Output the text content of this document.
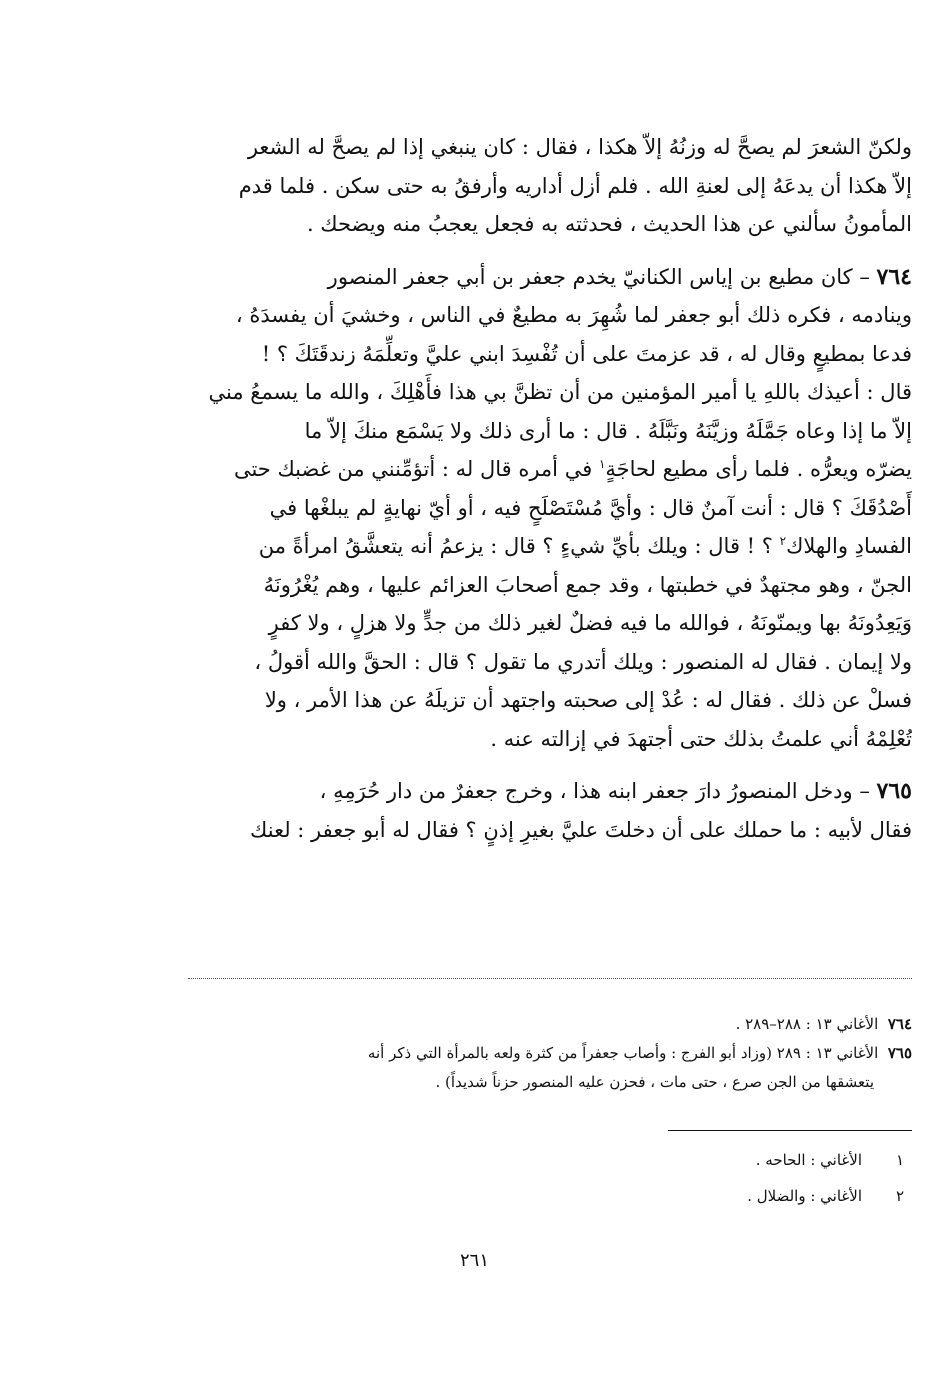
ولكنّ الشعرَ لم يصحَّ له وزنُهُ إلاّ هكذا ، فقال : كان ينبغي إذا لم يصحَّ له الشعر
إلاّ هكذا أن يدعَهُ إلى لعنةِ الله . فلم أزل أداريه وأرفقُ به حتى سكن . فلما قدم
المأمونُ سألني عن هذا الحديث ، فحدثته به فجعل يعجبُ منه ويضحك .
٧٦٤ – كان مطيع بن إياس الكنانيّ يخدم جعفر بن أبي جعفر المنصور
وينادمه ، فكره ذلك أبو جعفر لما شُهِرَ به مطيعٌ في الناس ، وخشيَ أن يفسدَهُ ،
فدعا بمطيعٍ وقال له ، قد عزمتَ على أن تُفْسِدَ ابني عليَّ وتعلِّمَهُ زندقَتَكَ ؟ !
قال : أعيذك باللهِ يا أمير المؤمنين من أن تظنَّ بي هذا فأَهْلِكَ ، والله ما يسمعُ مني
إلاّ ما إذا وعاه جَمَّلَهُ وزيَّنَهُ ونَبَّلَهُ . قال : ما أرى ذلك ولا يَسْمَع منكَ إلاّ ما
يضرّه ويعرُّه . فلما رأى مطيع لحاجَةٍ$^١$ في أمره قال له : أتؤمِّنني من غضبك حتى
أَصْدُقَكَ ؟ قال : أنت آمنٌ قال : وأيَّ مُسْتَصْلَحٍ فيه ، أو أيّ نهايةٍ لم يبلغْها في
الفسادِ والهلاك$^٢$ ؟ ! قال : ويلك بأيِّ شيءٍ ؟ قال : يزعمُ أنه يتعشَّقُ امرأةً من
الجنّ ، وهو مجتهدٌ في خطبتها ، وقد جمع أصحابَ العزائم عليها ، وهم يُغْرُونَهُ
وَيَعِدُونَهُ بها ويمنّونَهُ ، فوالله ما فيه فضلٌ لغير ذلك من جدٍّ ولا هزلٍ ، ولا كفرٍ
ولا إيمان . فقال له المنصور : ويلك أتدري ما تقول ؟ قال : الحقَّ والله أقولُ ،
فسلْ عن ذلك . فقال له : عُدْ إلى صحبته واجتهد أن تزيلَهُ عن هذا الأمر ، ولا
تُعْلِمْهُ أني علمتُ بذلك حتى أجتهدَ في إزالته عنه .
٧٦٥ – ودخل المنصورُ دارَ جعفر ابنه هذا ، وخرج جعفرٌ من دار حُرَمِهِ ،
فقال لأبيه : ما حملك على أن دخلتَ عليَّ بغيرِ إذنٍ ؟ فقال له أبو جعفر : لعنك
٧٦٤  الأغاني ١٣ : ٢٨٨–٢٨٩ .
٧٦٥  الأغاني ١٣ : ٢٨٩ (وزاد أبو الفرج : وأصاب جعفراً من كثرة ولعه بالمرأة التي ذكر أنه
يتعشقها من الجن صرع ، حتى مات ، فحزن عليه المنصور حزناً شديداً) .
١الأغاني : الحاحه .
٢الأغاني : والضلال .
٢٦١
